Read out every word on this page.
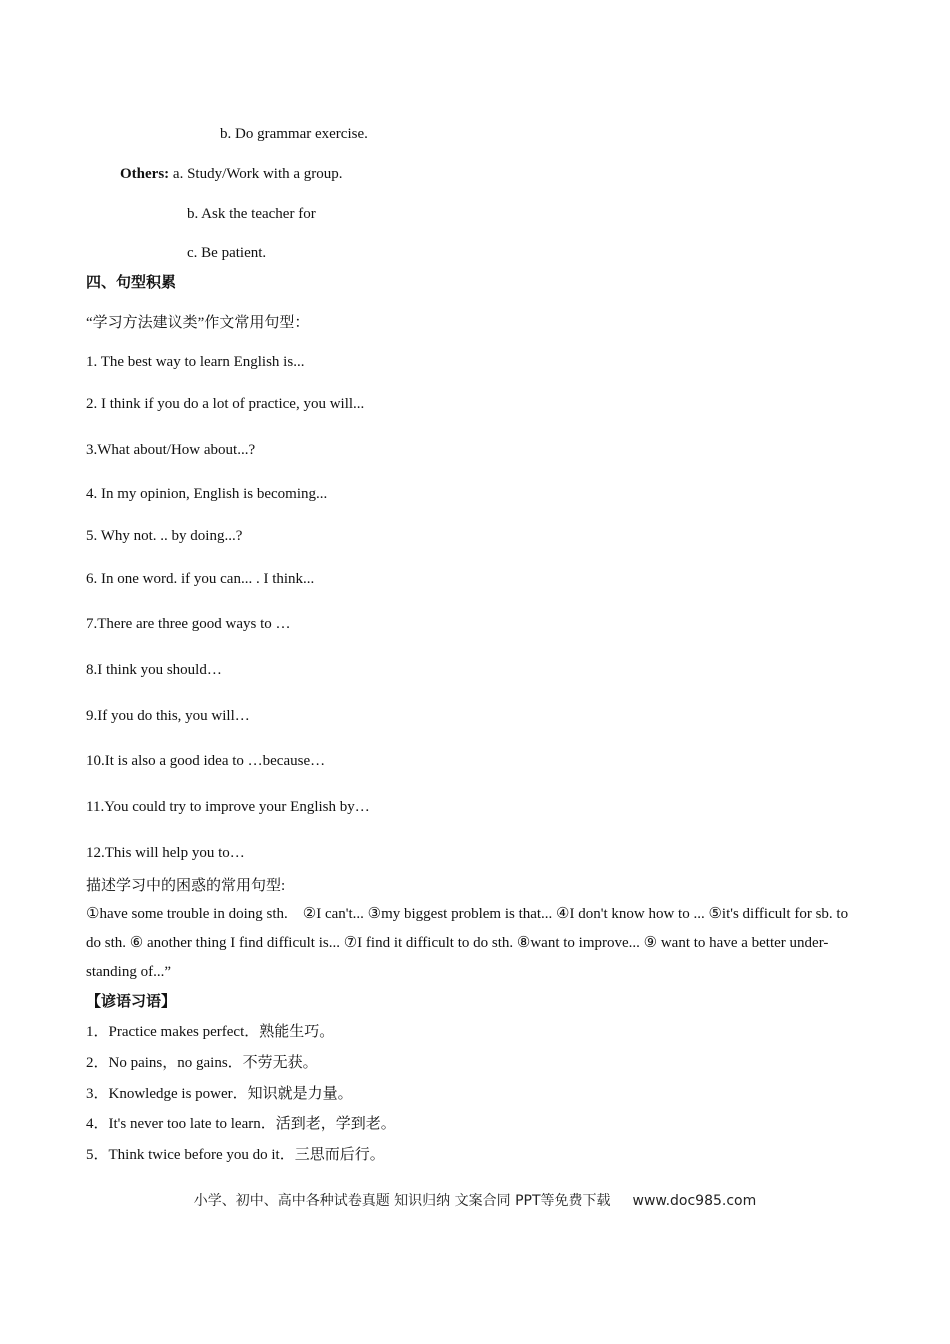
b. Do grammar exercise.
Others: a. Study/Work with a group.
b. Ask the teacher for
c. Be patient.
四、句型积累
“学习方法建议类”作文常用句型：
1. The best way to learn English is...
2. I think if you do a lot of practice, you will...
3.What about/How about...?
4. In my opinion, English is becoming...
5. Why not. .. by doing...?
6. In one word. if you can... . I think...
7.There are three good ways to …
8.I think you should…
9.If you do this, you will…
10.It is also a good idea to …because…
11.You could try to improve your English by…
12.This will help you to…
描述学习中的困惑的常用句型:
①have some trouble in doing sth.　②I can't... ③my biggest problem is that... ④I don't know how to ... ⑤it's difficult for sb. to do sth. ⑥ another thing I find difficult is... ⑦I find it difficult to do sth. ⑧want to improve... ⑨ want to have a better under- standing of...”
【谚语习语】
1．Practice makes perfect．熟能生巧。
2．No pains，no gains．不劳无获。
3．Knowledge is power．知识就是力量。
4．It's never too late to learn．活到老，学到老。
5．Think twice before you do it．三思而后行。
小学、初中、高中各种试卷真题 知识归纳 文案合同 PPT等免费下载 www.doc985.com
